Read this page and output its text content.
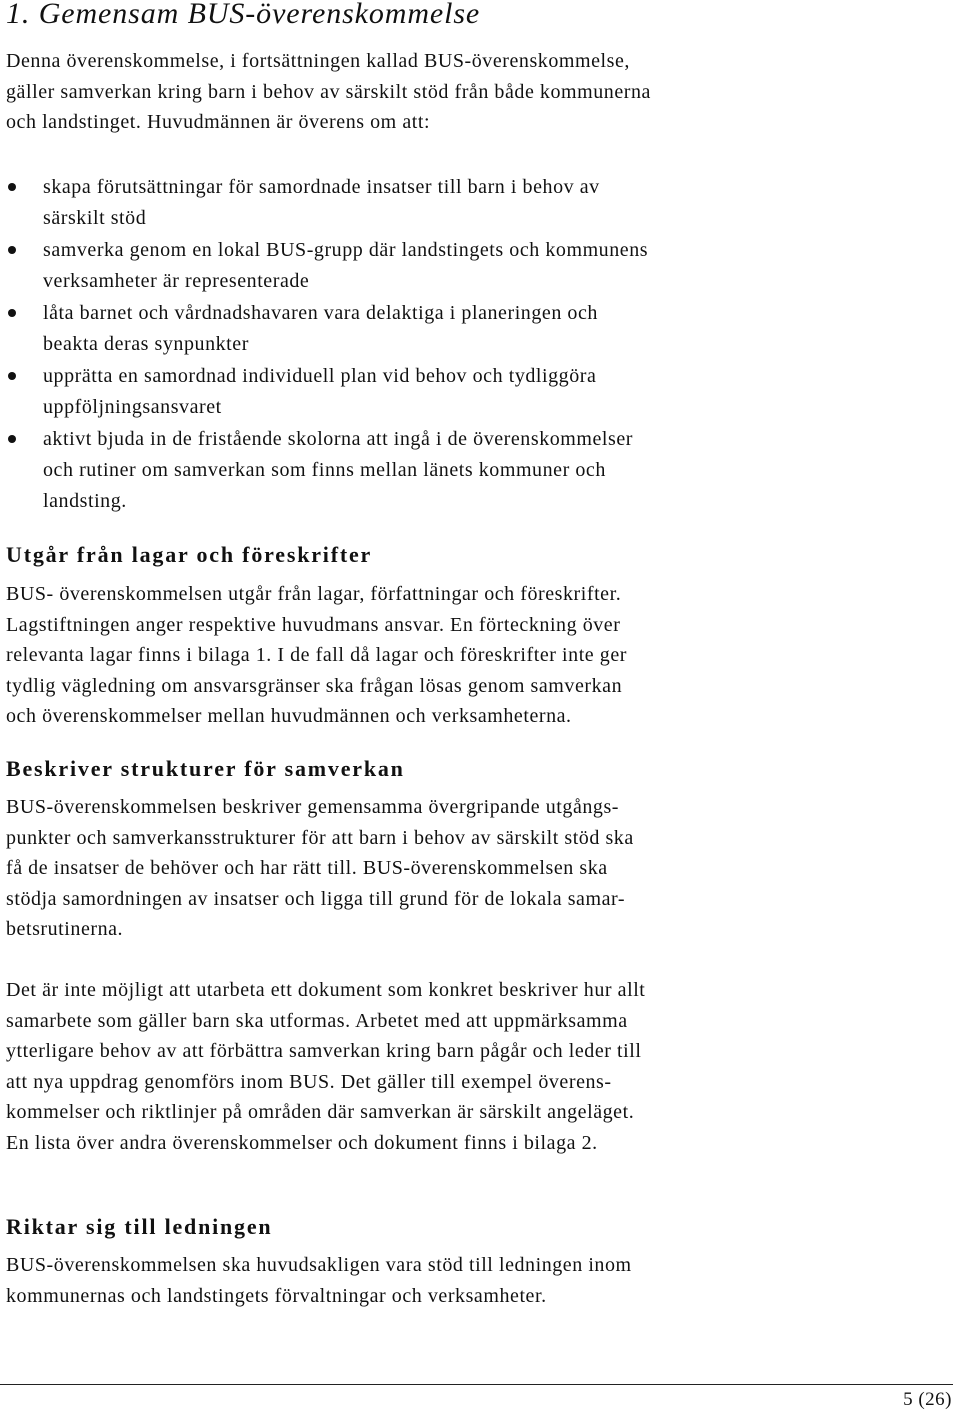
1. Gemensam BUS-överenskommelse

Denna överenskommelse, i fortsättningen kallad BUS-överenskommelse,
gäller samverkan kring barn i behov av särskilt stöd från både kommunerna
och landstinget. Huvudmännen är överens om att:

skapa förutsättningar för samordnade insatser till barn i behov av
särskilt stöd
samverka genom en lokal BUS-grupp där landstingets och kommunens
verksamheter är representerade
låta barnet och vårdnadshavaren vara delaktiga i planeringen och
beakta deras synpunkter
upprätta en samordnad individuell plan vid behov och tydliggöra
uppföljningsansvaret
aktivt bjuda in de fristående skolorna att ingå i de överenskommelser
och rutiner om samverkan som finns mellan länets kommuner och
landsting.
Utgår från lagar och föreskrifter

BUS- överenskommelsen utgår från lagar, författningar och föreskrifter.
Lagstiftningen anger respektive huvudmans ansvar. En förteckning över
relevanta lagar finns i bilaga 1. I de fall då lagar och föreskrifter inte ger
tydlig vägledning om ansvarsgränser ska frågan lösas genom samverkan
och överenskommelser mellan huvudmännen och verksamheterna.

Beskriver strukturer för samverkan

BUS-överenskommelsen beskriver gemensamma övergripande utgångs-
punkter och samverkansstrukturer för att barn i behov av särskilt stöd ska
få de insatser de behöver och har rätt till. BUS-överenskommelsen ska
stödja samordningen av insatser och ligga till grund för de lokala samar-
betsrutinerna.

Det är inte möjligt att utarbeta ett dokument som konkret beskriver hur allt
samarbete som gäller barn ska utformas. Arbetet med att uppmärksamma
ytterligare behov av att förbättra samverkan kring barn pågår och leder till
att nya uppdrag genomförs inom BUS. Det gäller till exempel överens-
kommelser och riktlinjer på områden där samverkan är särskilt angeläget.
En lista över andra överenskommelser och dokument finns i bilaga 2.

Riktar sig till ledningen

BUS-överenskommelsen ska huvudsakligen vara stöd till ledningen inom
kommunernas och landstingets förvaltningar och verksamheter.

5 (26)
